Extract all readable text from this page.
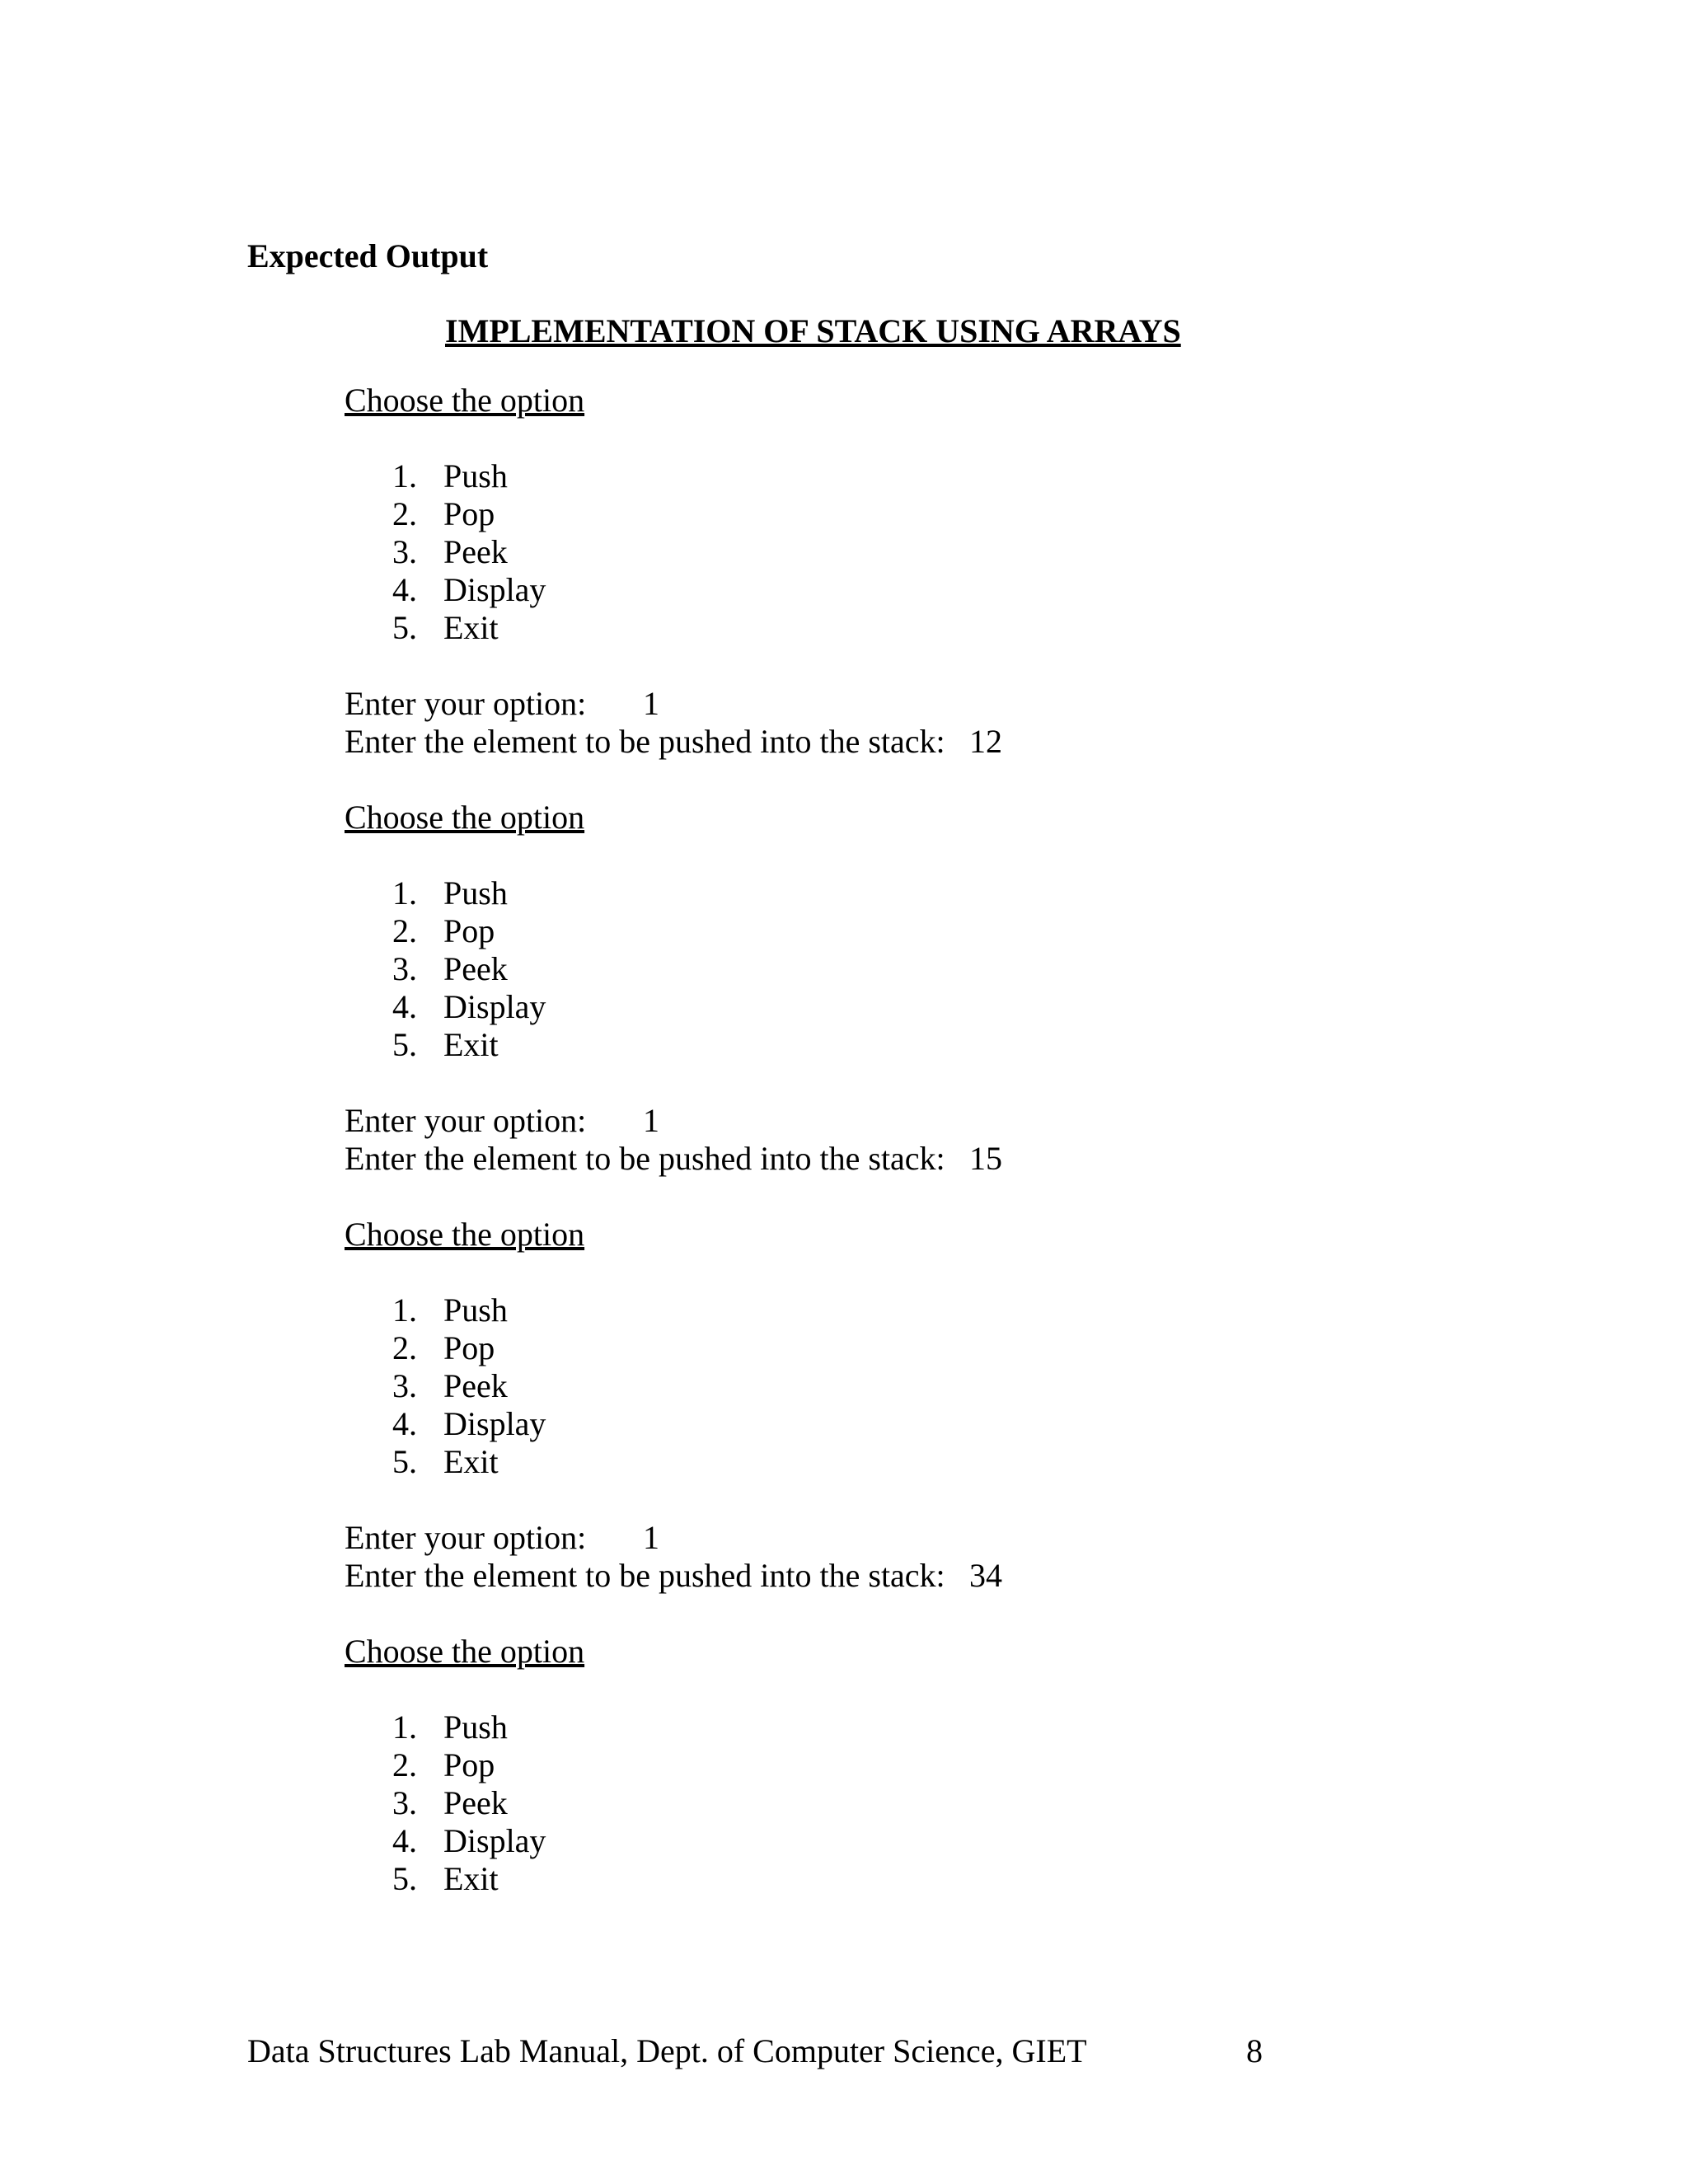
Expected Output
IMPLEMENTATION OF STACK USING ARRAYS
Choose the option
1. Push
2. Pop
3. Peek
4. Display
5. Exit
Enter your option: 1
Enter the element to be pushed into the stack: 12
Choose the option
1. Push
2. Pop
3. Peek
4. Display
5. Exit
Enter your option: 1
Enter the element to be pushed into the stack: 15
Choose the option
1. Push
2. Pop
3. Peek
4. Display
5. Exit
Enter your option: 1
Enter the element to be pushed into the stack: 34
Choose the option
1. Push
2. Pop
3. Peek
4. Display
5. Exit
Data Structures Lab Manual, Dept. of Computer Science, GIET	8
